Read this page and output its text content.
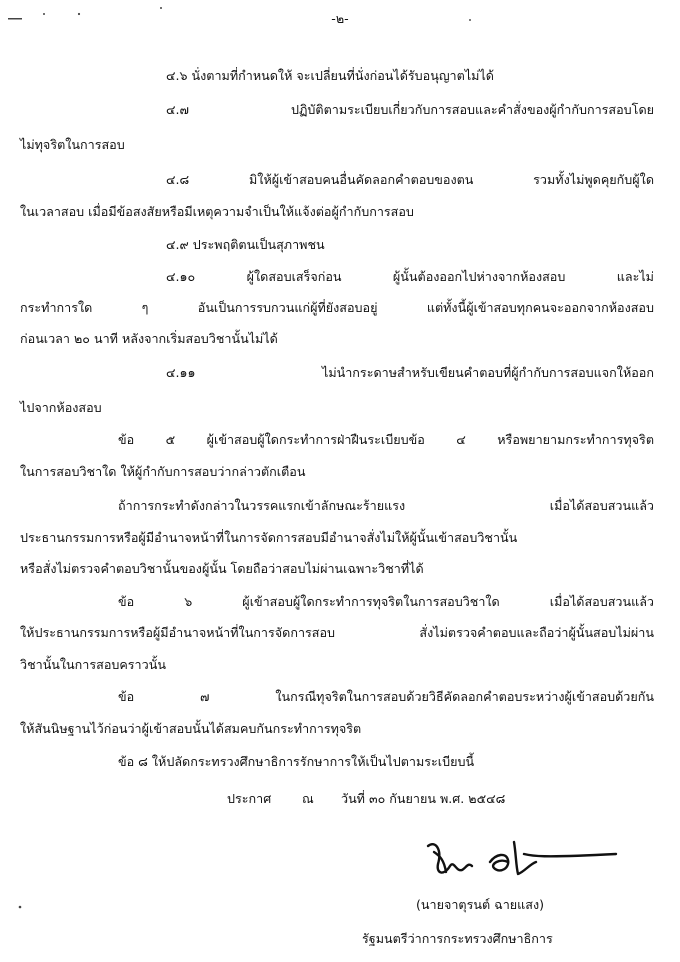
-๒-
๔.๖ นั่งตามที่กำหนดให้ จะเปลี่ยนที่นั่งก่อนได้รับอนุญาตไม่ได้
๔.๗ ปฏิบัติตามระเบียบเกี่ยวกับการสอบและคำสั่งของผู้กำกับการสอบโดย
ไม่ทุจริตในการสอบ
๔.๘ มิให้ผู้เข้าสอบคนอื่นคัดลอกคำตอบของตน รวมทั้งไม่พูดคุยกับผู้ใด
ในเวลาสอบ เมื่อมีข้อสงสัยหรือมีเหตุความจำเป็นให้แจ้งต่อผู้กำกับการสอบ
๔.๙ ประพฤติตนเป็นสุภาพชน
๔.๑๐ ผู้ใดสอบเสร็จก่อน ผู้นั้นต้องออกไปห่างจากห้องสอบ และไม่
กระทำการใด ๆ อันเป็นการรบกวนแก่ผู้ที่ยังสอบอยู่ แต่ทั้งนี้ผู้เข้าสอบทุกคนจะออกจากห้องสอบ
ก่อนเวลา ๒๐ นาที หลังจากเริ่มสอบวิชานั้นไม่ได้
๔.๑๑ ไม่นำกระดาษสำหรับเขียนคำตอบที่ผู้กำกับการสอบแจกให้ออก
ไปจากห้องสอบ
ข้อ ๕ ผู้เข้าสอบผู้ใดกระทำการฝ่าฝืนระเบียบข้อ ๔ หรือพยายามกระทำการทุจริต
ในการสอบวิชาใด ให้ผู้กำกับการสอบว่ากล่าวตักเตือน
ถ้าการกระทำดังกล่าวในวรรคแรกเข้าลักษณะร้ายแรง เมื่อได้สอบสวนแล้ว
ประธานกรรมการหรือผู้มีอำนาจหน้าที่ในการจัดการสอบมีอำนาจสั่งไม่ให้ผู้นั้นเข้าสอบวิชานั้น
หรือสั่งไม่ตรวจคำตอบวิชานั้นของผู้นั้น โดยถือว่าสอบไม่ผ่านเฉพาะวิชาที่ได้
ข้อ ๖ ผู้เข้าสอบผู้ใดกระทำการทุจริตในการสอบวิชาใด เมื่อได้สอบสวนแล้ว
ให้ประธานกรรมการหรือผู้มีอำนาจหน้าที่ในการจัดการสอบ สั่งไม่ตรวจคำตอบและถือว่าผู้นั้นสอบไม่ผ่าน
วิชานั้นในการสอบคราวนั้น
ข้อ ๗ ในกรณีทุจริตในการสอบด้วยวิธีคัดลอกคำตอบระหว่างผู้เข้าสอบด้วยกัน
ให้สันนิษฐานไว้ก่อนว่าผู้เข้าสอบนั้นได้สมคบกันกระทำการทุจริต
ข้อ ๘ ให้ปลัดกระทรวงศึกษาธิการรักษาการให้เป็นไปตามระเบียบนี้
ประกาศ ณ วันที่ ๓๐ กันยายน พ.ศ. ๒๕๔๘
(นายจาตุรนต์ ฉายแสง)
รัฐมนตรีว่าการกระทรวงศึกษาธิการ
